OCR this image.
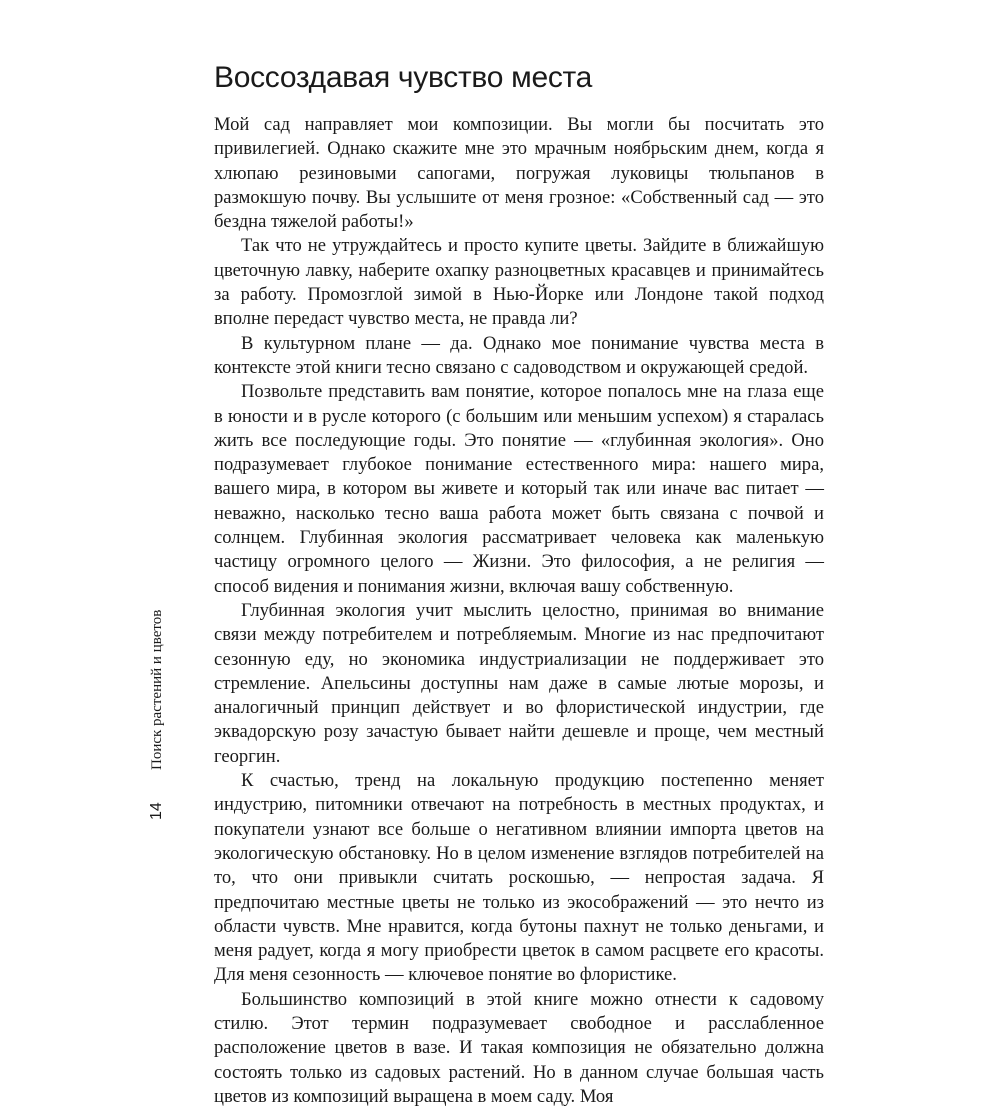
Воссоздавая чувство места

Мой сад направляет мои композиции. Вы могли бы посчитать это привилегией. Однако скажите мне это мрачным ноябрьским днем, когда я хлюпаю резиновыми сапогами, погружая луковицы тюльпанов в размокшую почву. Вы услышите от меня грозное: «Собственный сад — это бездна тяжелой работы!»

Так что не утруждайтесь и просто купите цветы. Зайдите в ближайшую цветочную лавку, наберите охапку разноцветных красавцев и принимайтесь за работу. Промозглой зимой в Нью-Йорке или Лондоне такой подход вполне передаст чувство места, не правда ли?

В культурном плане — да. Однако мое понимание чувства места в контексте этой книги тесно связано с садоводством и окружающей средой.

Позвольте представить вам понятие, которое попалось мне на глаза еще в юности и в русле которого (с большим или меньшим успехом) я старалась жить все последующие годы. Это понятие — «глубинная экология». Оно подразумевает глубокое понимание естественного мира: нашего мира, вашего мира, в котором вы живете и который так или иначе вас питает — неважно, насколько тесно ваша работа может быть связана с почвой и солнцем. Глубинная экология рассматривает человека как маленькую частицу огромного целого — Жизни. Это философия, а не религия — способ видения и понимания жизни, включая вашу собственную.

Глубинная экология учит мыслить целостно, принимая во внимание связи между потребителем и потребляемым. Многие из нас предпочитают сезонную еду, но экономика индустриализации не поддерживает это стремление. Апельсины доступны нам даже в самые лютые морозы, и аналогичный принцип действует и во флористической индустрии, где эквадорскую розу зачастую бывает найти дешевле и проще, чем местный георгин.

К счастью, тренд на локальную продукцию постепенно меняет индустрию, питомники отвечают на потребность в местных продуктах, и покупатели узнают все больше о негативном влиянии импорта цветов на экологическую обстановку. Но в целом изменение взглядов потребителей на то, что они привыкли считать роскошью, — непростая задача. Я предпочитаю местные цветы не только из экосображений — это нечто из области чувств. Мне нравится, когда бутоны пахнут не только деньгами, и меня радует, когда я могу приобрести цветок в самом расцвете его красоты. Для меня сезонность — ключевое понятие во флористике.

Большинство композиций в этой книге можно отнести к садовому стилю. Этот термин подразумевает свободное и расслабленное расположение цветов в вазе. И такая композиция не обязательно должна состоять только из садовых растений. Но в данном случае большая часть цветов из композиций выращена в моем саду. Моя

Поиск растений и цветов
14
